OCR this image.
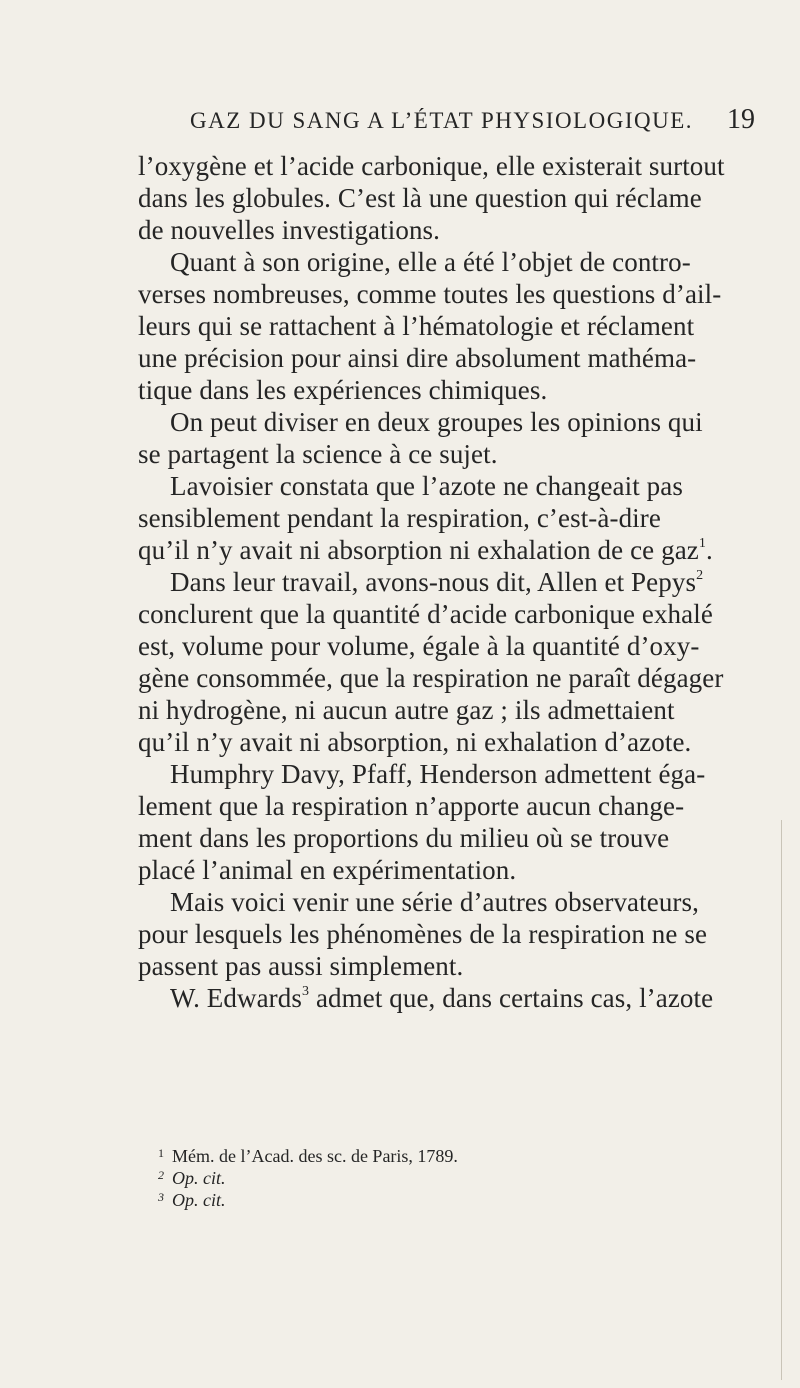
GAZ DU SANG A L’ÉTAT PHYSIOLOGIQUE. 19
l’oxygène et l’acide carbonique, elle existerait surtout
dans les globules. C’est là une question qui réclame
de nouvelles investigations.
Quant à son origine, elle a été l’objet de contro-
verses nombreuses, comme toutes les questions d’ail-
leurs qui se rattachent à l’hématologie et réclament
une précision pour ainsi dire absolument mathéma-
tique dans les expériences chimiques.
On peut diviser en deux groupes les opinions qui
se partagent la science à ce sujet.
Lavoisier constata que l’azote ne changeait pas
sensiblement pendant la respiration, c’est-à-dire
qu’il n’y avait ni absorption ni exhalation de ce gaz$^1$.
Dans leur travail, avons-nous dit, Allen et Pepys$^2$
conclurent que la quantité d’acide carbonique exhalé
est, volume pour volume, égale à la quantité d’oxy-
gène consommée, que la respiration ne paraît dégager
ni hydrogène, ni aucun autre gaz ; ils admettaient
qu’il n’y avait ni absorption, ni exhalation d’azote.
Humphry Davy, Pfaff, Henderson admettent éga-
lement que la respiration n’apporte aucun change-
ment dans les proportions du milieu où se trouve
placé l’animal en expérimentation.
Mais voici venir une série d’autres observateurs,
pour lesquels les phénomènes de la respiration ne se
passent pas aussi simplement.
W. Edwards$^3$ admet que, dans certains cas, l’azote
$^1$ Mém. de l’Acad. des sc. de Paris, 1789.
$^2$ Op. cit.
$^3$ Op. cit.
